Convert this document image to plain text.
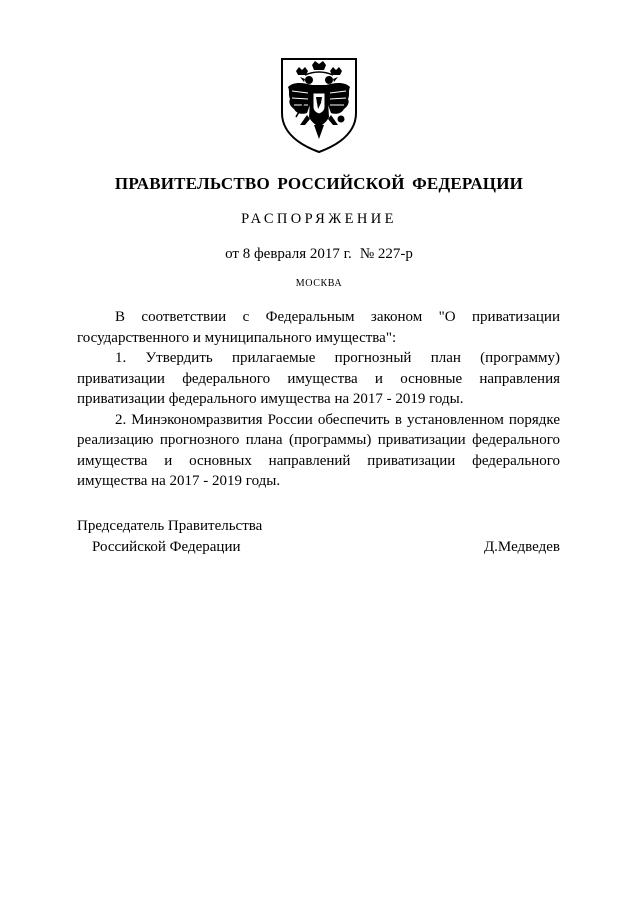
ПРАВИТЕЛЬСТВО РОССИЙСКОЙ ФЕДЕРАЦИИ
РАСПОРЯЖЕНИЕ
от 8 февраля 2017 г. № 227-р
МОСКВА

В соответствии с Федеральным законом "О приватизации государственного и муниципального имущества":

1. Утвердить прилагаемые прогнозный план (программу) приватизации федерального имущества и основные направления приватизации федерального имущества на 2017 - 2019 годы.

2. Минэкономразвития России обеспечить в установленном порядке реализацию прогнозного плана (программы) приватизации федерального имущества и основных направлений приватизации федерального имущества на 2017 - 2019 годы.

Председатель Правительства
Российской Федерации	Д.Медведев
